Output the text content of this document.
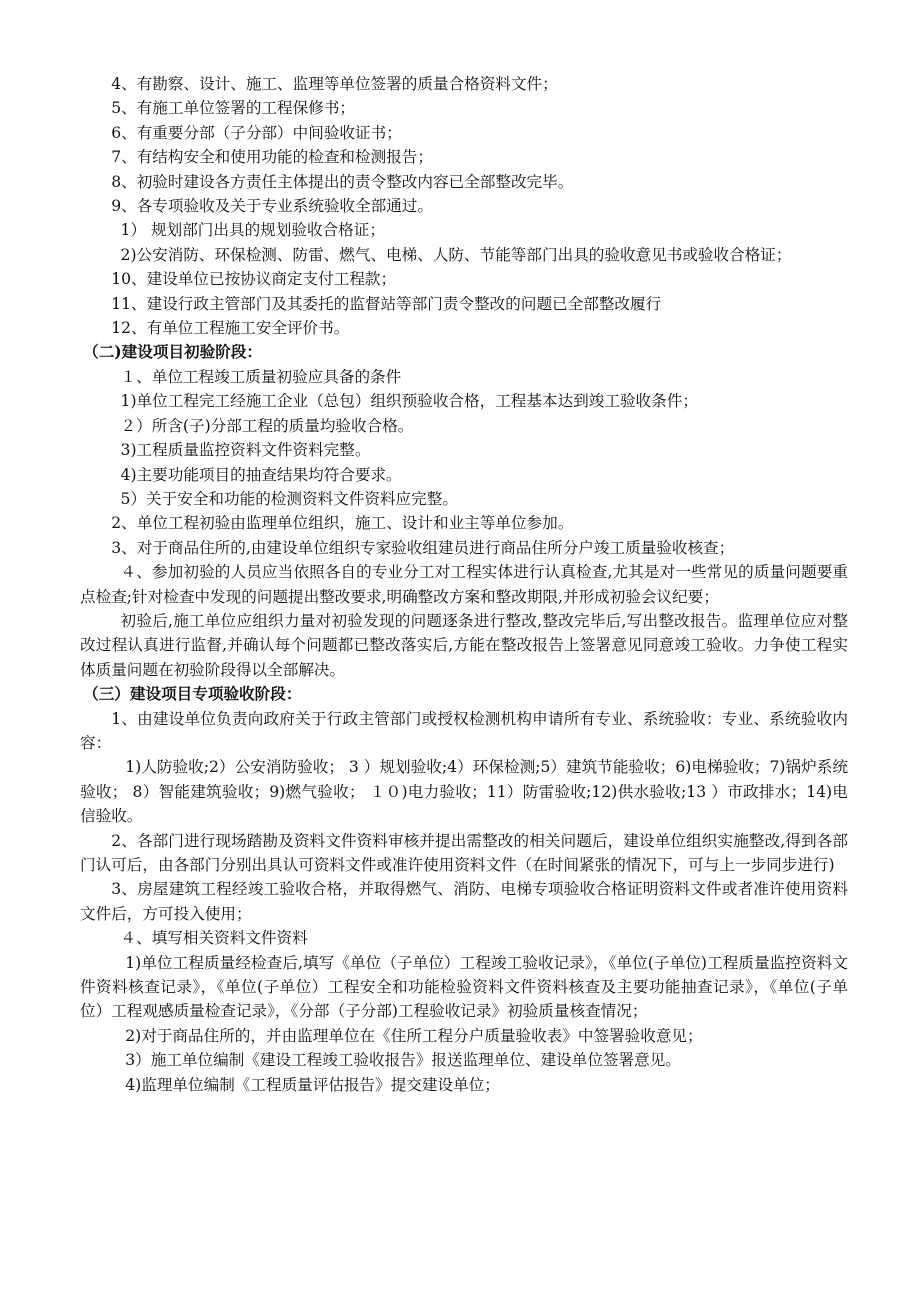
4、有勘察、设计、施工、监理等单位签署的质量合格资料文件；

5、有施工单位签署的工程保修书；

6、有重要分部（子分部）中间验收证书；

7、有结构安全和使用功能的检查和检测报告；

8、初验时建设各方责任主体提出的责令整改内容已全部整改完毕。

9、各专项验收及关于专业系统验收全部通过。

1） 规划部门出具的规划验收合格证；

2)公安消防、环保检测、防雷、燃气、电梯、人防、节能等部门出具的验收意见书或验收合格证；

10、建设单位已按协议商定支付工程款；

11、建设行政主管部门及其委托的监督站等部门责令整改的问题已全部整改履行

12、有单位工程施工安全评价书。

（二)建设项目初验阶段：

１、单位工程竣工质量初验应具备的条件

1)单位工程完工经施工企业（总包）组织预验收合格，工程基本达到竣工验收条件；

２）所含(子)分部工程的质量均验收合格。

3)工程质量监控资料文件资料完整。

4)主要功能项目的抽查结果均符合要求。

5）关于安全和功能的检测资料文件资料应完整。

2、单位工程初验由监理单位组织，施工、设计和业主等单位参加。

3、对于商品住所的,由建设单位组织专家验收组建员进行商品住所分户竣工质量验收核查；

４、参加初验的人员应当依照各自的专业分工对工程实体进行认真检查,尤其是对一些常见的质量问题要重点检查;针对检查中发现的问题提出整改要求,明确整改方案和整改期限,并形成初验会议纪要；

初验后,施工单位应组织力量对初验发现的问题逐条进行整改,整改完毕后,写出整改报告。监理单位应对整改过程认真进行监督,并确认每个问题都已整改落实后,方能在整改报告上签署意见同意竣工验收。力争使工程实体质量问题在初验阶段得以全部解决。

（三）建设项目专项验收阶段：

1、由建设单位负责向政府关于行政主管部门或授权检测机构申请所有专业、系统验收：专业、系统验收内容：

1)人防验收;2）公安消防验收； 3 ）规划验收;4）环保检测;5）建筑节能验收；6)电梯验收；7)锅炉系统验收； 8）智能建筑验收；9)燃气验收； １０)电力验收；11）防雷验收;12)供水验收;13 ）市政排水；14)电信验收。

2、各部门进行现场踏勘及资料文件资料审核并提出需整改的相关问题后，建设单位组织实施整改,得到各部门认可后，由各部门分别出具认可资料文件或准许使用资料文件（在时间紧张的情况下，可与上一步同步进行)

3、房屋建筑工程经竣工验收合格，并取得燃气、消防、电梯专项验收合格证明资料文件或者准许使用资料文件后，方可投入使用；

４、填写相关资料文件资料

1)单位工程质量经检查后,填写《单位（子单位）工程竣工验收记录》，《单位(子单位)工程质量监控资料文件资料核查记录》，《单位(子单位）工程安全和功能检验资料文件资料核查及主要功能抽查记录》，《单位(子单位）工程观感质量检查记录》，《分部（子分部)工程验收记录》初验质量核查情况；

2)对于商品住所的，并由监理单位在《住所工程分户质量验收表》中签署验收意见；

3）施工单位编制《建设工程竣工验收报告》报送监理单位、建设单位签署意见。

4)监理单位编制《工程质量评估报告》提交建设单位；
